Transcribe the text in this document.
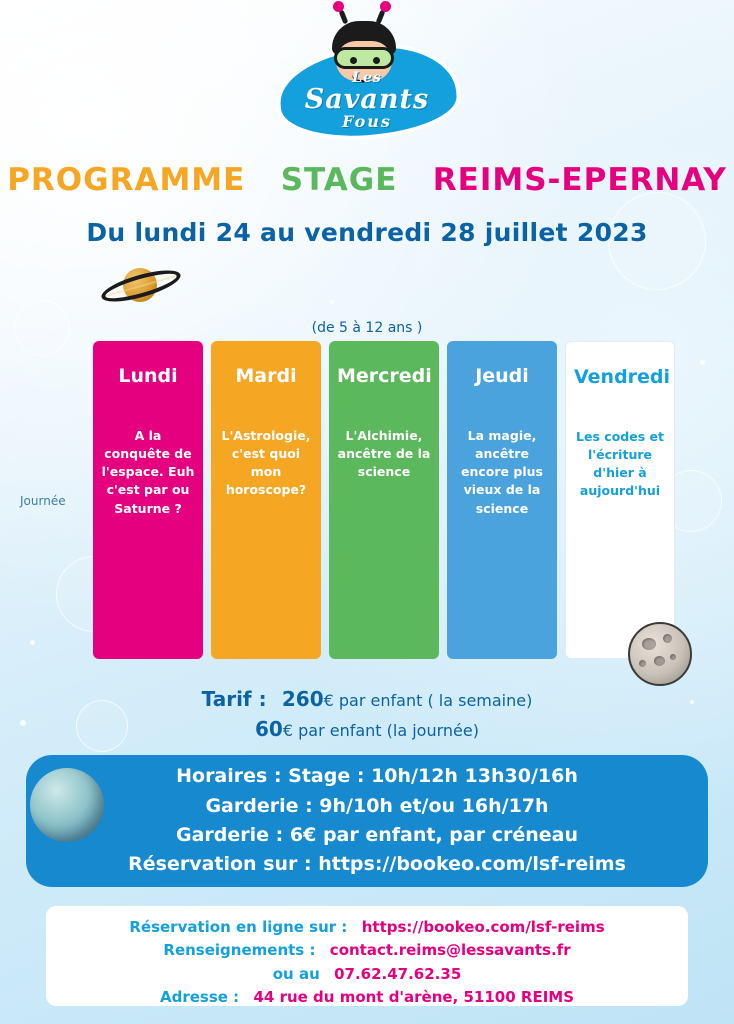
Les
Savants
Fous
PROGRAMME STAGE REIMS-EPERNAY
Du lundi 24 au vendredi 28 juillet 2023
(de 5 à 12 ans )
Journée
Lundi
A la conquête de l'espace. Euh c'est par ou Saturne ?
Mardi
L'Astrologie, c'est quoi mon horoscope?
Mercredi
L'Alchimie, ancêtre de la science
Jeudi
La magie, ancêtre encore plus vieux de la science
Vendredi
Les codes et l'écriture d'hier à aujourd'hui
Tarif : 260€ par enfant ( la semaine)
60€ par enfant (la journée)
Horaires : Stage : 10h/12h 13h30/16h
Garderie : 9h/10h et/ou 16h/17h
Garderie : 6€ par enfant, par créneau
Réservation sur : https://bookeo.com/lsf-reims
Réservation en ligne sur : https://bookeo.com/lsf-reims
Renseignements : contact.reims@lessavants.fr
ou au 07.62.47.62.35
Adresse : 44 rue du mont d'arène, 51100 REIMS
